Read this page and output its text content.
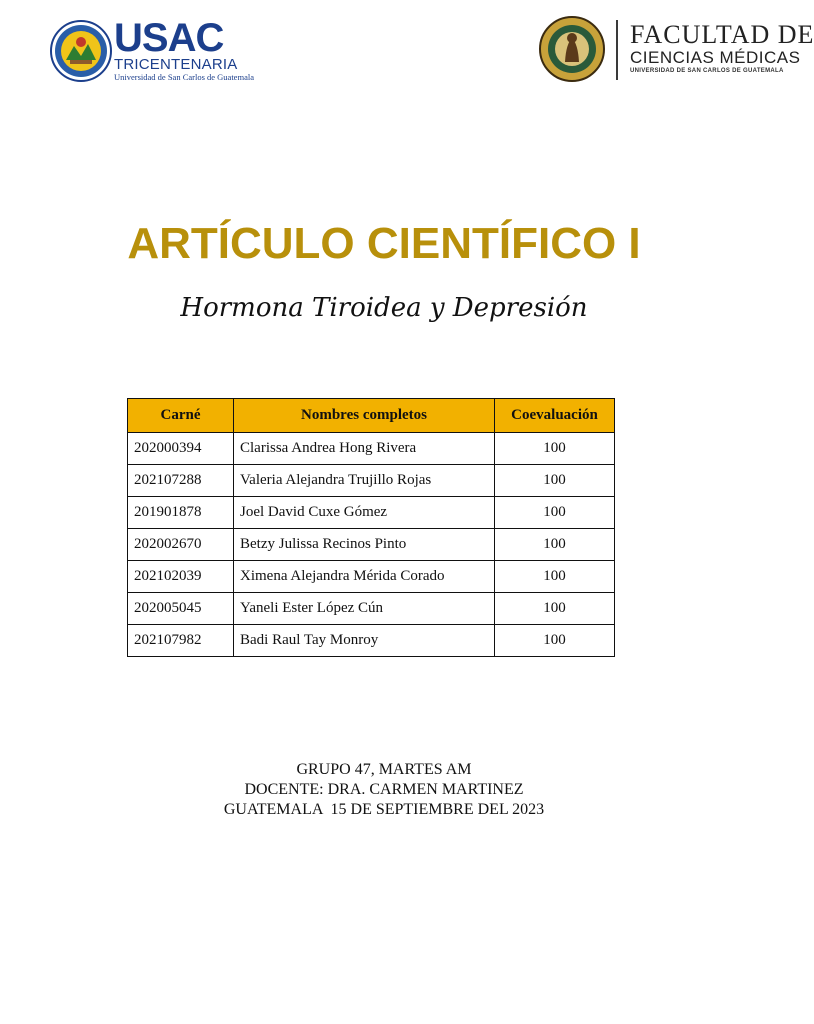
USAC
TRICENTENARIA
Universidad de San Carlos de Guatemala
FACULTAD DE
CIENCIAS MÉDICAS
UNIVERSIDAD DE SAN CARLOS DE GUATEMALA
ARTÍCULO CIENTÍFICO I
Hormona Tiroidea y Depresión
Carné	Nombres completos	Coevaluación
202000394	Clarissa Andrea Hong Rivera	100
202107288	Valeria Alejandra Trujillo Rojas	100
201901878	Joel David Cuxe Gómez	100
202002670	Betzy Julissa Recinos Pinto	100
202102039	Ximena Alejandra Mérida Corado	100
202005045	Yaneli Ester López Cún	100
202107982	Badi Raul Tay Monroy	100
GRUPO 47, MARTES AM
DOCENTE: DRA. CARMEN MARTINEZ
GUATEMALA  15 DE SEPTIEMBRE DEL 2023
